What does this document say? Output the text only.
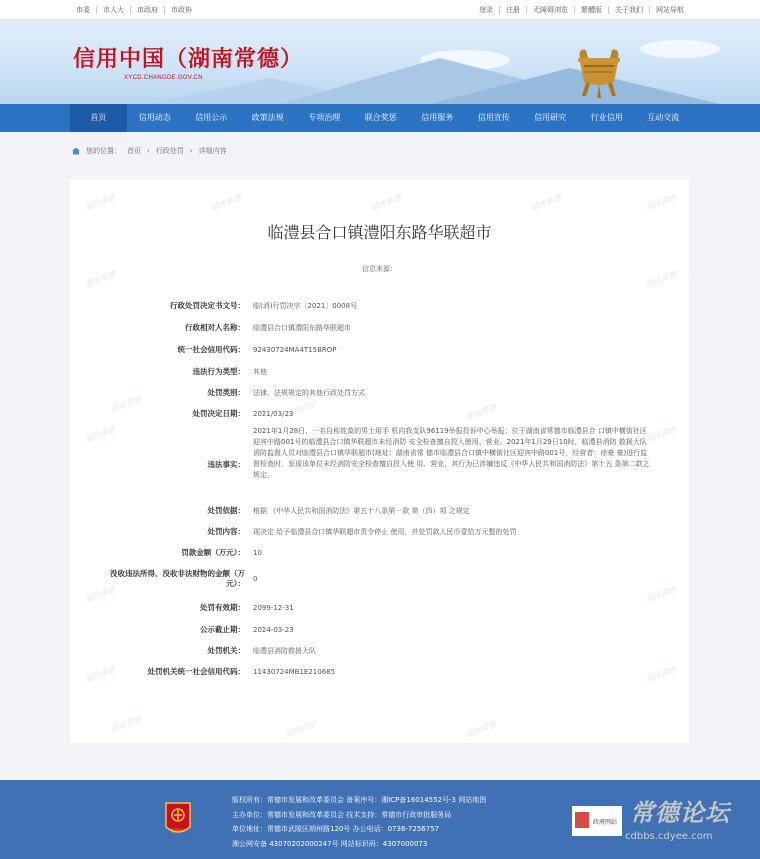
市委	市人大	市政府	市政协	登录	注册	无障碍浏览	繁體版	关于我们	网站导航
信用中国（湖南常德）
XYCD.CHANGDE.GOV.CN
首页	信用动态	信用公示	政策法规	专项治理	联合奖惩	信用服务	信用宣传	信用研究	行业信用	互动交流
您的位置： 首页 › 行政处罚 › 详细内容
湖南常德
湖南常德
湖南常德
湖南常德
湖南常德
湖南常德
湖南常德
湖南常德
湖南常德
湖南常德
湖南常德	湖南常德	湖南常德
湖南常德	湖南常德	湖南常德
湖南常德	湖南常德	湖南常德
临澧县合口镇澧阳东路华联超市
信息来源：
行政处罚决定书文号：	临(消)行罚决字〔2021〕0008号
行政相对人名称：	临澧县合口镇澧阳东路华联超市
统一社会信用代码：	92430724MA4T15BROP
违法行为类型：	其他
处罚类别：	法律、法规规定的其他行政处罚方式
处罚决定日期：	2021/03/23
违法事实：
2021年1月28日，一名自称姓莫的男士用手 机向我支队96119举报投诉中心举报；位于湖南省常德市临澧县合 口镇中横街社区迎宾中路001号的临澧县合口镇华联超市未经消防 安全检查擅自投入使用、营业。2021年1月29日10时，临澧县消防 救援大队消防监督人员对临澧县合口镇华联超市(地址：湖南省常 德市临澧县合口镇中横街社区迎宾中路001号，经营者：徐豪 豪)进行监督检查时，发现该单位未经消防安全检查擅自投入使 用、营业，其行为已涉嫌违反《中华人民共和国消防法》第十五 条第二款之规定。
处罚依据：	根据 《中华人民共和国消防法》第五十八条第一款 第（四）项 之规定
处罚内容：	现决定 给予临澧县合口镇华联超市责令停止 使用，并处罚款人民币壹拾万元整的处罚
罚款金额（万元）：	10
没收违法所得、没收非法财物的金额（万元）：	0
处罚有效期：	2099-12-31
公示截止期：	2024-03-23
处罚机关：	临澧县消防救援大队
处罚机关统一社会信用代码：	11430724MB1E210685
党政机关
版权所有：常德市发展和改革委员会 备案序号：湘ICP备16014552号-3 网站地图
主办单位：常德市发展和改革委员会 技术支持：常德市行政审批服务局
单位地址：常德市武陵区朗州路120号 办公电话：0736-7256757
湘公网安备 43070202000247号 网站标识码：4307000073
政府网站 常德论坛
cdbbs.cdyee.com
